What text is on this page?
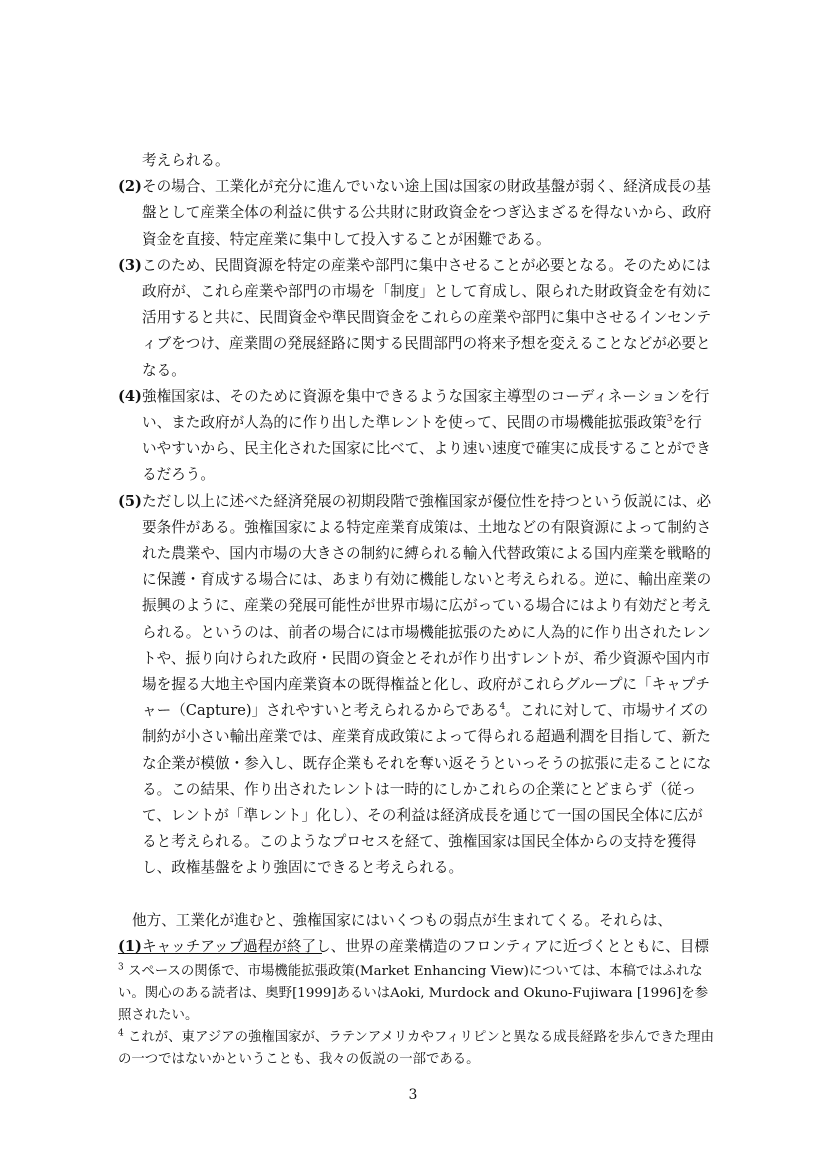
考えられる。

(2)その場合、工業化が充分に進んでいない途上国は国家の財政基盤が弱く、経済成長の基盤として産業全体の利益に供する公共財に財政資金をつぎ込まざるを得ないから、政府資金を直接、特定産業に集中して投入することが困難である。

(3)このため、民間資源を特定の産業や部門に集中させることが必要となる。そのためには政府が、これら産業や部門の市場を「制度」として育成し、限られた財政資金を有効に活用すると共に、民間資金や準民間資金をこれらの産業や部門に集中させるインセンティブをつけ、産業間の発展経路に関する民間部門の将来予想を変えることなどが必要となる。

(4)強権国家は、そのために資源を集中できるような国家主導型のコーディネーションを行い、また政府が人為的に作り出した準レントを使って、民間の市場機能拡張政策$^3$を行いやすいから、民主化された国家に比べて、より速い速度で確実に成長することができるだろう。

(5)ただし以上に述べた経済発展の初期段階で強権国家が優位性を持つという仮説には、必要条件がある。強権国家による特定産業育成策は、土地などの有限資源によって制約された農業や、国内市場の大きさの制約に縛られる輸入代替政策による国内産業を戦略的に保護・育成する場合には、あまり有効に機能しないと考えられる。逆に、輸出産業の振興のように、産業の発展可能性が世界市場に広がっている場合にはより有効だと考えられる。というのは、前者の場合には市場機能拡張のために人為的に作り出されたレントや、振り向けられた政府・民間の資金とそれが作り出すレントが、希少資源や国内市場を握る大地主や国内産業資本の既得権益と化し、政府がこれらグループに「キャプチャー（Capture)」されやすいと考えられるからである$^4$。これに対して、市場サイズの制約が小さい輸出産業では、産業育成政策によって得られる超過利潤を目指して、新たな企業が模倣・参入し、既存企業もそれを奪い返そうといっそうの拡張に走ることになる。この結果、作り出されたレントは一時的にしかこれらの企業にとどまらず（従って、レントが「準レント」化し）、その利益は経済成長を通じて一国の国民全体に広がると考えられる。このようなプロセスを経て、強権国家は国民全体からの支持を獲得し、政権基盤をより強固にできると考えられる。

他方、工業化が進むと、強権国家にはいくつもの弱点が生まれてくる。それらは、

(1)キャッチアップ過程が終了し、世界の産業構造のフロンティアに近づくとともに、目標

$^3$ スペースの関係で、市場機能拡張政策(Market Enhancing View)については、本稿ではふれない。関心のある読者は、奥野[1999]あるいはAoki, Murdock and Okuno-Fujiwara [1996]を参照されたい。

$^4$ これが、東アジアの強権国家が、ラテンアメリカやフィリピンと異なる成長経路を歩んできた理由の一つではないかということも、我々の仮説の一部である。

3
